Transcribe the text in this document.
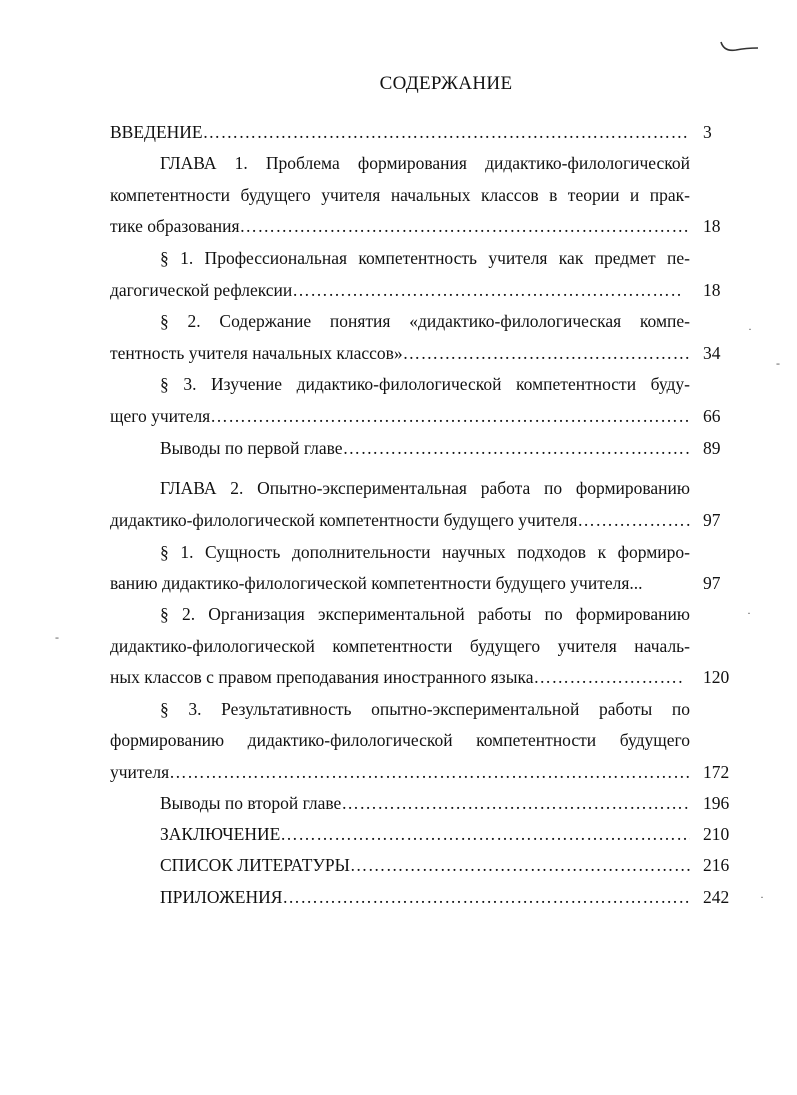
СОДЕРЖАНИЕ
ВВЕДЕНИЕ …………………………………………………………………………………………………………………………………………………………………	3
ГЛАВА 1. Проблема формирования дидактико-филологической
компетентности будущего учителя начальных классов в теории и прак-
тике образования …………………………………………………………………………………………………………………………………………………………………	18
§ 1. Профессиональная компетентность учителя как предмет пе-
дагогической рефлексии …………………………………………………………………………………………………………………………………………………………………	18
§ 2. Содержание понятия «дидактико-филологическая компе-
тентность учителя начальных классов» …………………………………………………………………………………………………………………………………………………………………	34
§ 3. Изучение дидактико-филологической компетентности буду-
щего учителя …………………………………………………………………………………………………………………………………………………………………	66
Выводы по первой главе …………………………………………………………………………………………………………………………………………………………………	89
ГЛАВА 2. Опытно-экспериментальная работа по формированию
дидактико-филологической компетентности будущего учителя …………………………………………………………………………………………………………………………………………………………………	97
§ 1. Сущность дополнительности научных подходов к формиро-
ванию дидактико-филологической компетентности будущего учителя...	97
§ 2. Организация экспериментальной работы по формированию
дидактико-филологической компетентности будущего учителя началь-
ных классов с правом преподавания иностранного языка …………………………………………………………………………………………………………………………………………………………………	120
§ 3. Результативность опытно-экспериментальной работы по
формированию дидактико-филологической компетентности будущего
учителя …………………………………………………………………………………………………………………………………………………………………	172
Выводы по второй главе …………………………………………………………………………………………………………………………………………………………………	196
ЗАКЛЮЧЕНИЕ …………………………………………………………………………………………………………………………………………………………………	210
СПИСОК ЛИТЕРАТУРЫ …………………………………………………………………………………………………………………………………………………………………	216
ПРИЛОЖЕНИЯ …………………………………………………………………………………………………………………………………………………………………	242
·
-
·
-
·
